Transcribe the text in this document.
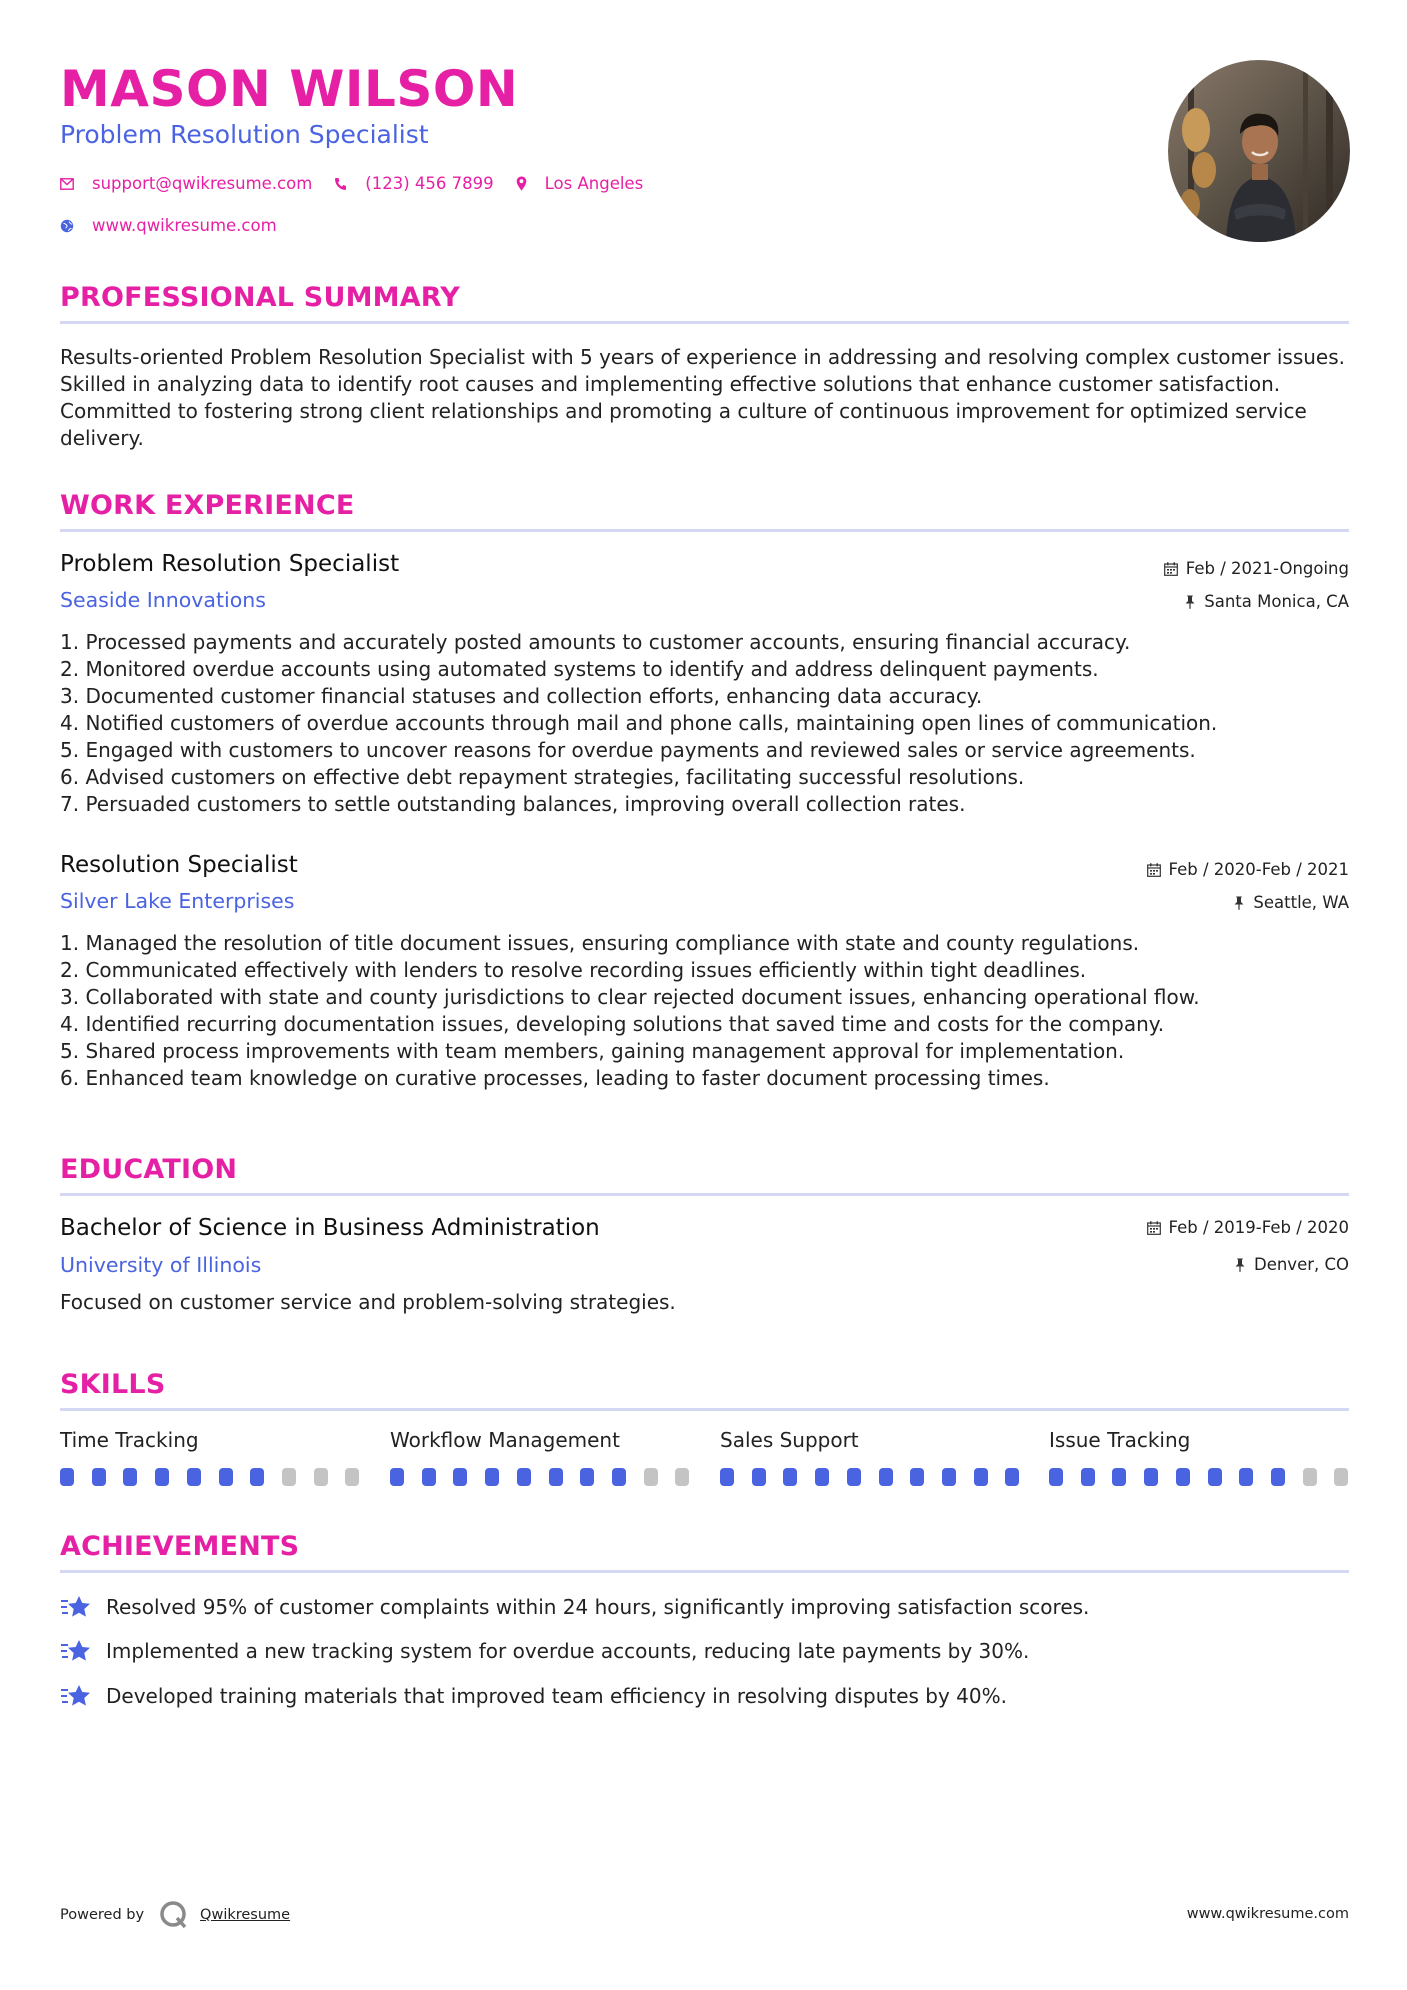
MASON WILSON
Problem Resolution Specialist
support@qwikresume.com	(123) 456 7899	Los Angeles
www.qwikresume.com
PROFESSIONAL SUMMARY
Results-oriented Problem Resolution Specialist with 5 years of experience in addressing and resolving complex customer issues. Skilled in analyzing data to identify root causes and implementing effective solutions that enhance customer satisfaction. Committed to fostering strong client relationships and promoting a culture of continuous improvement for optimized service delivery.
WORK EXPERIENCE
Problem Resolution Specialist	Feb / 2021-Ongoing
Seaside Innovations	Santa Monica, CA
1. Processed payments and accurately posted amounts to customer accounts, ensuring financial accuracy.
2. Monitored overdue accounts using automated systems to identify and address delinquent payments.
3. Documented customer financial statuses and collection efforts, enhancing data accuracy.
4. Notified customers of overdue accounts through mail and phone calls, maintaining open lines of communication.
5. Engaged with customers to uncover reasons for overdue payments and reviewed sales or service agreements.
6. Advised customers on effective debt repayment strategies, facilitating successful resolutions.
7. Persuaded customers to settle outstanding balances, improving overall collection rates.
Resolution Specialist	Feb / 2020-Feb / 2021
Silver Lake Enterprises	Seattle, WA
1. Managed the resolution of title document issues, ensuring compliance with state and county regulations.
2. Communicated effectively with lenders to resolve recording issues efficiently within tight deadlines.
3. Collaborated with state and county jurisdictions to clear rejected document issues, enhancing operational flow.
4. Identified recurring documentation issues, developing solutions that saved time and costs for the company.
5. Shared process improvements with team members, gaining management approval for implementation.
6. Enhanced team knowledge on curative processes, leading to faster document processing times.
EDUCATION
Bachelor of Science in Business Administration	Feb / 2019-Feb / 2020
University of Illinois	Denver, CO
Focused on customer service and problem-solving strategies.
SKILLS
Time Tracking	Workflow Management	Sales Support	Issue Tracking
ACHIEVEMENTS
Resolved 95% of customer complaints within 24 hours, significantly improving satisfaction scores.
Implemented a new tracking system for overdue accounts, reducing late payments by 30%.
Developed training materials that improved team efficiency in resolving disputes by 40%.
Powered by	Qwikresume	www.qwikresume.com
